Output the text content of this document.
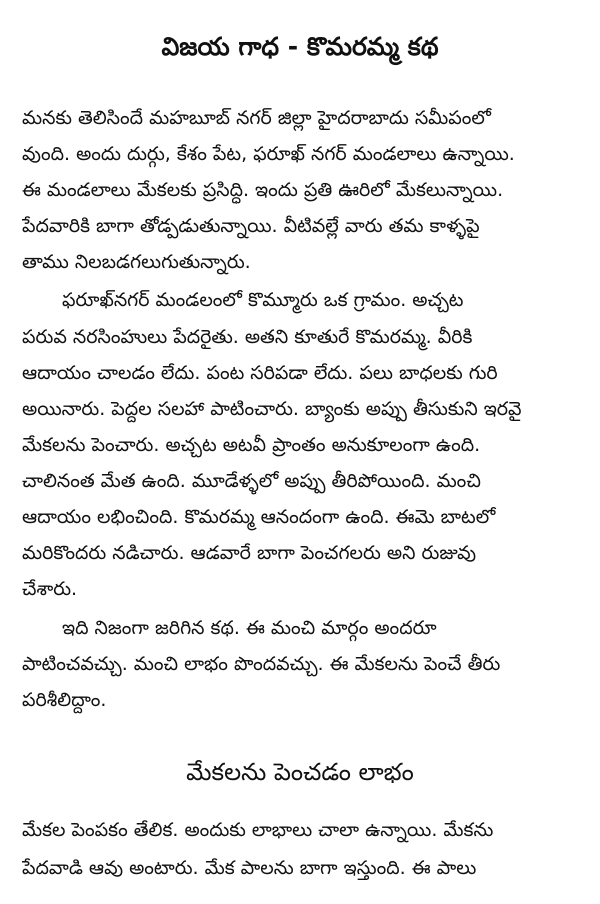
విజయ గాధ - కొమరమ్మ కథ
మనకు తెలిసిందే మహబూబ్ నగర్ జిల్లా హైదరాబాదు సమీపంలో
వుంది. అందు దుర్గు, కేశం పేట, ఫరూఖ్ నగర్ మండలాలు ఉన్నాయి.
ఈ మండలాలు మేకలకు ప్రసిద్ధి. ఇందు ప్రతి ఊరిలో మేకలున్నాయి.
పేదవారికి బాగా తోడ్పడుతున్నాయి. వీటివల్లే వారు తమ కాళ్ళపై
తాము నిలబడగలుగుతున్నారు.
ఫరూఖ్‌నగర్ మండలంలో కొమ్మూరు ఒక గ్రామం. అచ్చట
పరువ నరసింహులు పేదరైతు. అతని కూతురే కొమరమ్మ. వీరికి
ఆదాయం చాలడం లేదు. పంట సరిపడా లేదు. పలు బాధలకు గురి
అయినారు. పెద్దల సలహా పాటించారు. బ్యాంకు అప్పు తీసుకుని ఇరవై
మేకలను పెంచారు. అచ్చట అటవీ ప్రాంతం అనుకూలంగా ఉంది.
చాలినంత మేత ఉంది. మూడేళ్ళలో అప్పు తీరిపోయింది. మంచి
ఆదాయం లభించింది. కొమరమ్మ ఆనందంగా ఉంది. ఈమె బాటలో
మరికొందరు నడిచారు. ఆడవారే బాగా పెంచగలరు అని రుజువు
చేశారు.
ఇది నిజంగా జరిగిన కథ. ఈ మంచి మార్గం అందరూ
పాటించవచ్చు. మంచి లాభం పొందవచ్చు. ఈ మేకలను పెంచే తీరు
పరిశీలిద్దాం.
మేకలను పెంచడం లాభం
మేకల పెంపకం తేలిక. అందుకు లాభాలు చాలా ఉన్నాయి. మేకను
పేదవాడి ఆవు అంటారు. మేక పాలను బాగా ఇస్తుంది. ఈ పాలు
